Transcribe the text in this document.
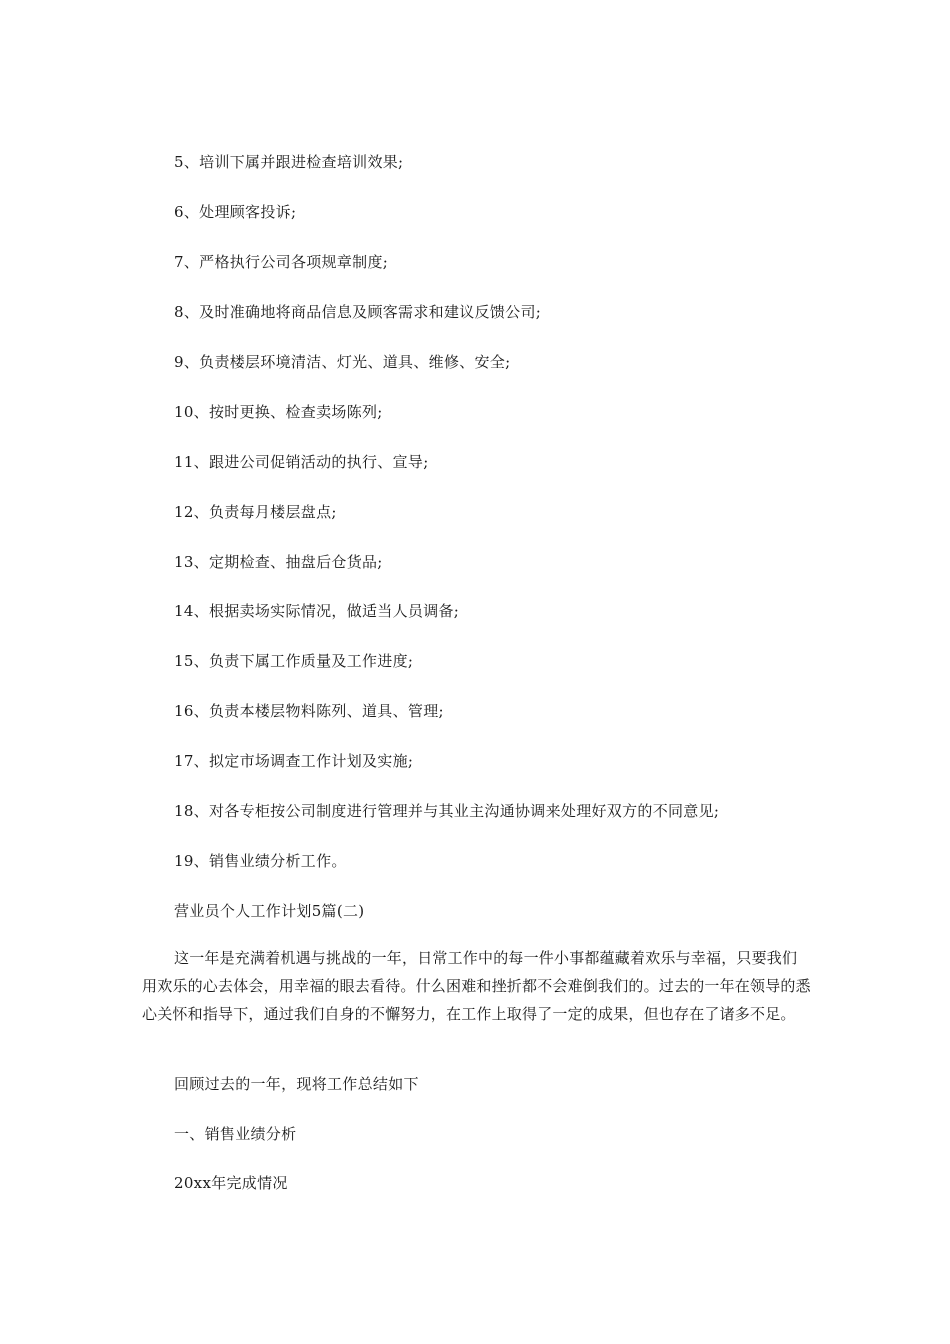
5、培训下属并跟进检查培训效果;
6、处理顾客投诉;
7、严格执行公司各项规章制度;
8、及时准确地将商品信息及顾客需求和建议反馈公司;
9、负责楼层环境清洁、灯光、道具、维修、安全;
10、按时更换、检查卖场陈列;
11、跟进公司促销活动的执行、宣导;
12、负责每月楼层盘点;
13、定期检查、抽盘后仓货品;
14、根据卖场实际情况，做适当人员调备;
15、负责下属工作质量及工作进度;
16、负责本楼层物料陈列、道具、管理;
17、拟定市场调查工作计划及实施;
18、对各专柜按公司制度进行管理并与其业主沟通协调来处理好双方的不同意见;
19、销售业绩分析工作。
营业员个人工作计划5篇(二)
这一年是充满着机遇与挑战的一年，日常工作中的每一件小事都蕴藏着欢乐与幸福，只要我们用欢乐的心去体会，用幸福的眼去看待。什么困难和挫折都不会难倒我们的。过去的一年在领导的悉心关怀和指导下，通过我们自身的不懈努力，在工作上取得了一定的成果，但也存在了诸多不足。
回顾过去的一年，现将工作总结如下
一、销售业绩分析
20xx年完成情况
